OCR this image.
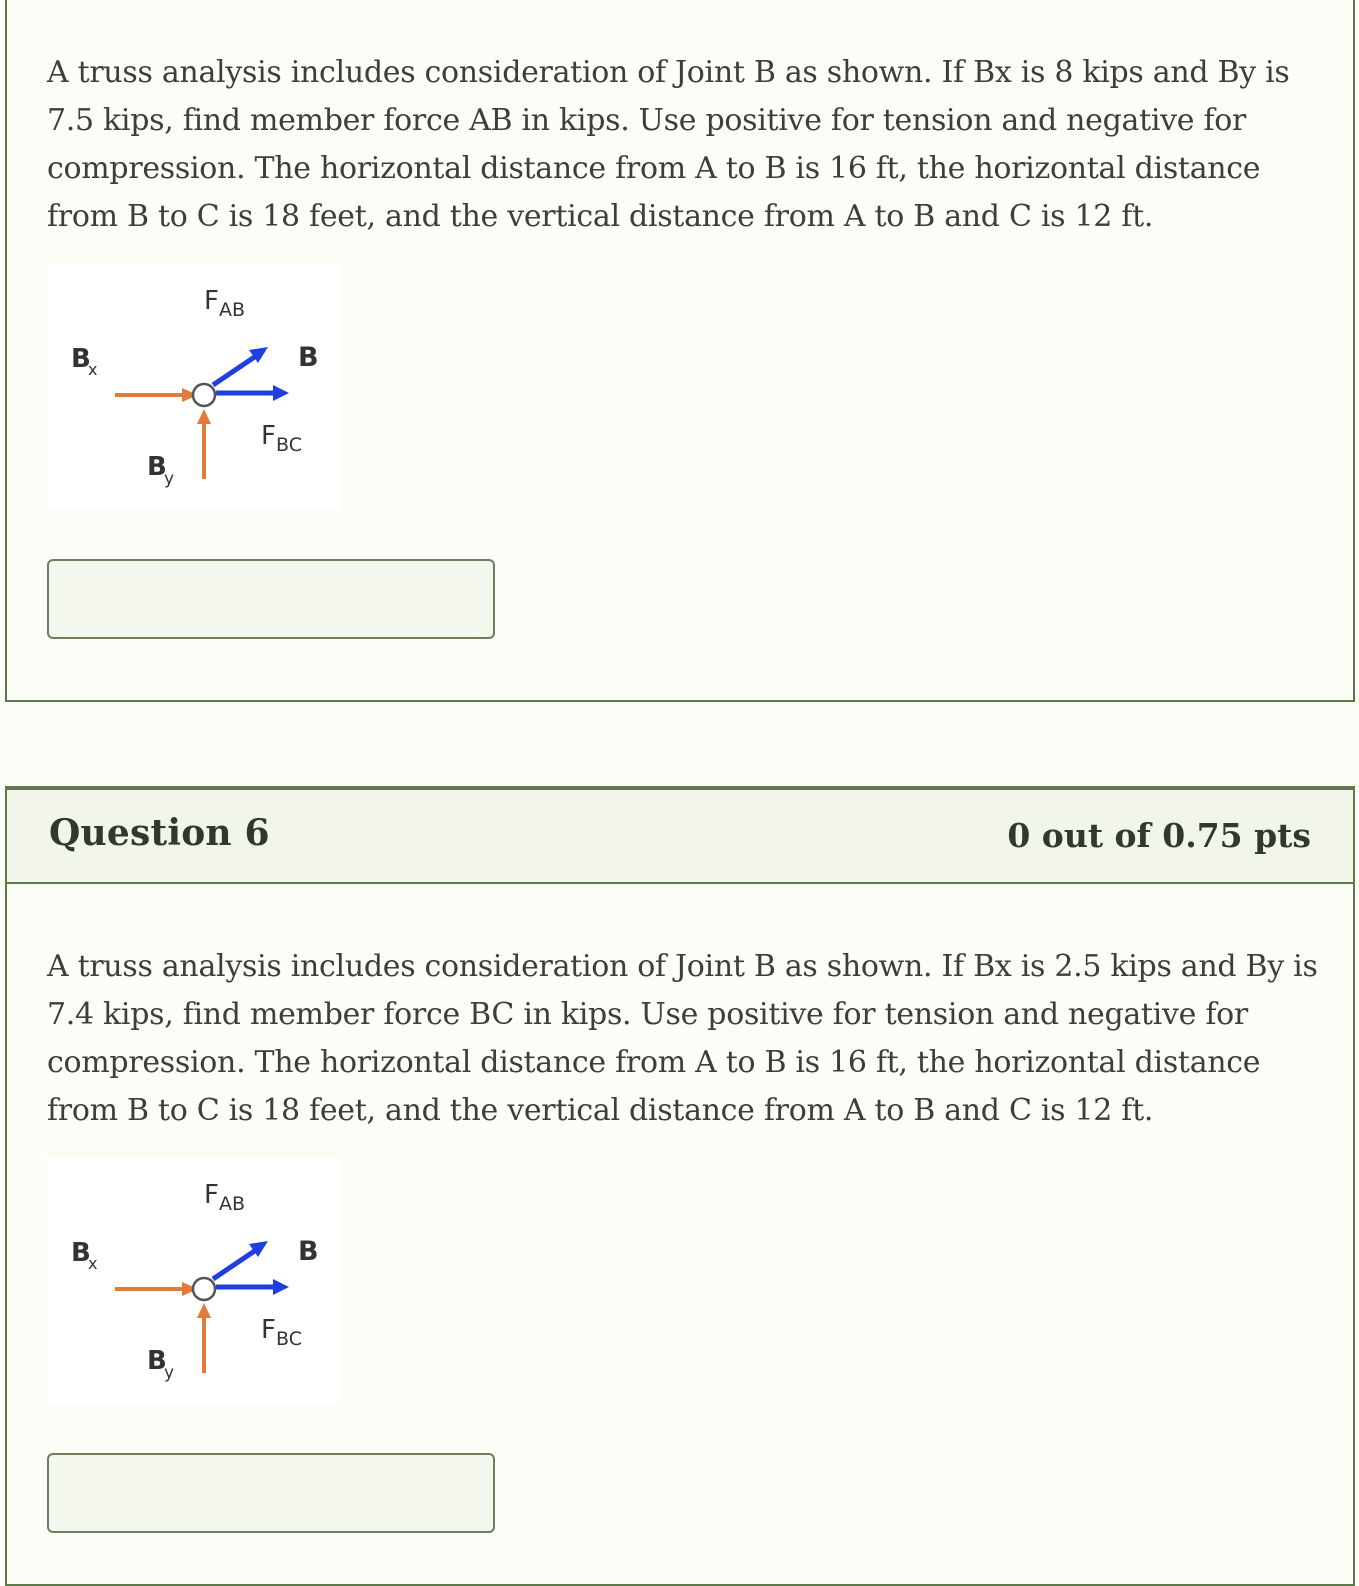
A truss analysis includes consideration of Joint B as shown. If Bx is 8 kips and By is 7.5 kips, find member force AB in kips. Use positive for tension and negative for compression. The horizontal distance from A to B is 16 ft, the horizontal distance from B to C is 18 feet, and the vertical distance from A to B and C is 12 ft.

B
x
F AB
B
F BC
B
y
Question 6	0 out of 0.75 pts

A truss analysis includes consideration of Joint B as shown. If Bx is 2.5 kips and By is 7.4 kips, find member force BC in kips. Use positive for tension and negative for compression. The horizontal distance from A to B is 16 ft, the horizontal distance from B to C is 18 feet, and the vertical distance from A to B and C is 12 ft.

B
x
F AB
B
F BC
B
y
